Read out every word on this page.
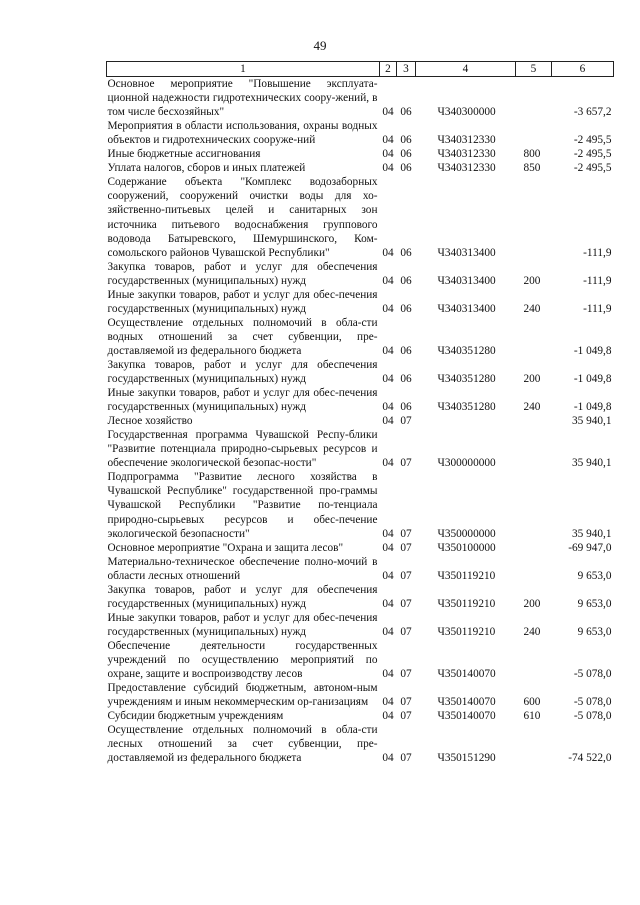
49
1	2	3	4	5	6
Основное мероприятие "Повышение эксплуата-ционной надежности гидротехнических соору-жений, в том числе бесхозяйных"	04	06	Ч340300000		-3 657,2
Мероприятия в области использования, охраны водных объектов и гидротехнических сооруже-ний	04	06	Ч340312330		-2 495,5
Иные бюджетные ассигнования	04	06	Ч340312330	800	-2 495,5
Уплата налогов, сборов и иных платежей	04	06	Ч340312330	850	-2 495,5
Содержание объекта "Комплекс водозаборных сооружений, сооружений очистки воды для хо-зяйственно-питьевых целей и санитарных зон источника питьевого водоснабжения группового водовода Батыревского, Шемуршинского, Ком-сомольского районов Чувашской Республики"	04	06	Ч340313400		-111,9
Закупка товаров, работ и услуг для обеспечения государственных (муниципальных) нужд	04	06	Ч340313400	200	-111,9
Иные закупки товаров, работ и услуг для обес-печения государственных (муниципальных) нужд	04	06	Ч340313400	240	-111,9
Осуществление отдельных полномочий в обла-сти водных отношений за счет субвенции, пре-доставляемой из федерального бюджета	04	06	Ч340351280		-1 049,8
Закупка товаров, работ и услуг для обеспечения государственных (муниципальных) нужд	04	06	Ч340351280	200	-1 049,8
Иные закупки товаров, работ и услуг для обес-печения государственных (муниципальных) нужд	04	06	Ч340351280	240	-1 049,8
Лесное хозяйство	04	07			35 940,1
Государственная программа Чувашской Респу-блики "Развитие потенциала природно-сырьевых ресурсов и обеспечение экологической безопас-ности"	04	07	Ч300000000		35 940,1
Подпрограмма "Развитие лесного хозяйства в Чувашской Республике" государственной про-граммы Чувашской Республики "Развитие по-тенциала природно-сырьевых ресурсов и обес-печение экологической безопасности"	04	07	Ч350000000		35 940,1
Основное мероприятие "Охрана и защита лесов"	04	07	Ч350100000		-69 947,0
Материально-техническое обеспечение полно-мочий в области лесных отношений	04	07	Ч350119210		9 653,0
Закупка товаров, работ и услуг для обеспечения государственных (муниципальных) нужд	04	07	Ч350119210	200	9 653,0
Иные закупки товаров, работ и услуг для обес-печения государственных (муниципальных) нужд	04	07	Ч350119210	240	9 653,0
Обеспечение деятельности государственных учреждений по осуществлению мероприятий по охране, защите и воспроизводству лесов	04	07	Ч350140070		-5 078,0
Предоставление субсидий бюджетным, автоном-ным учреждениям и иным некоммерческим ор-ганизациям	04	07	Ч350140070	600	-5 078,0
Субсидии бюджетным учреждениям	04	07	Ч350140070	610	-5 078,0
Осуществление отдельных полномочий в обла-сти лесных отношений за счет субвенции, пре-доставляемой из федерального бюджета	04	07	Ч350151290		-74 522,0
